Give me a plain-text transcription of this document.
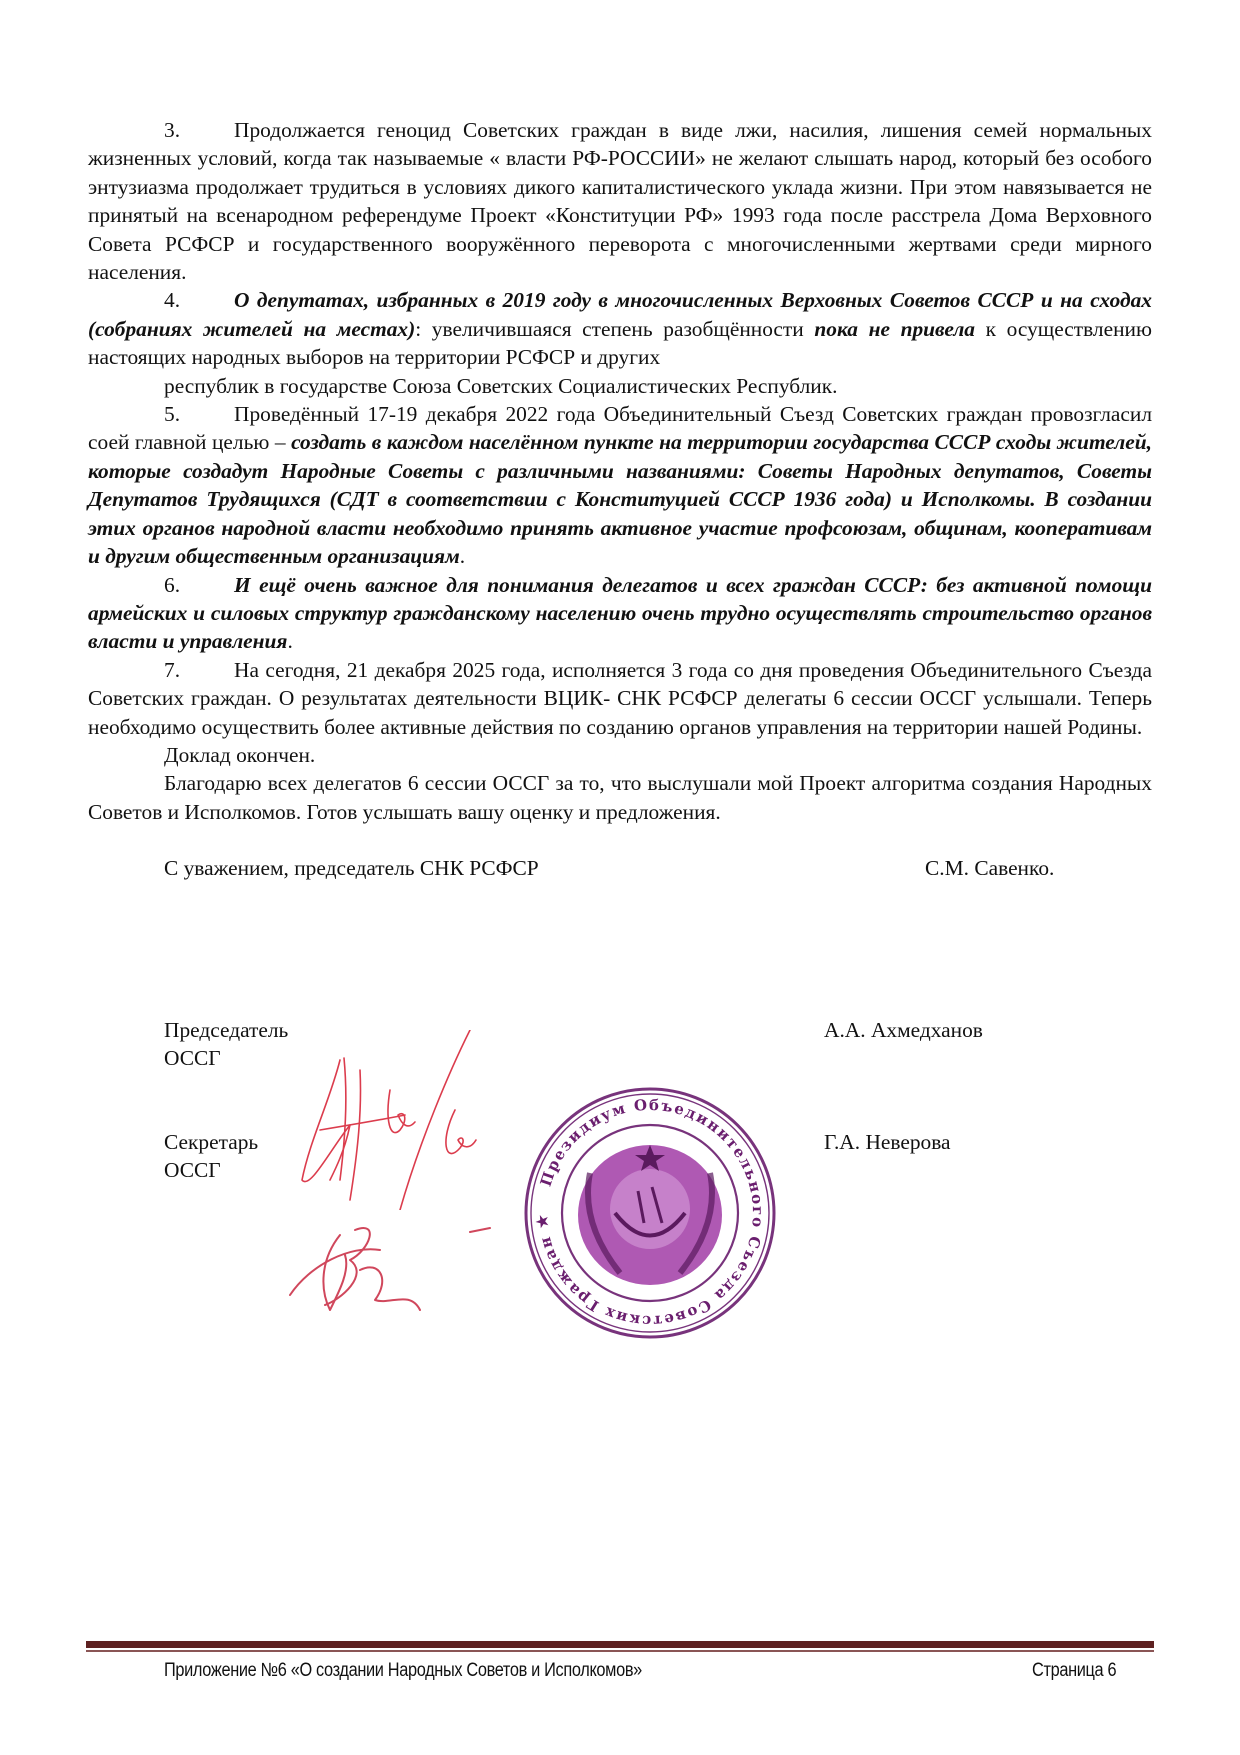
3.	Продолжается геноцид Советских граждан в виде лжи, насилия, лишения семей нормальных жизненных условий, когда так называемые « власти РФ-РОССИИ» не желают слышать народ, который без особого энтузиазма продолжает трудиться в условиях дикого капиталистического уклада жизни. При этом навязывается не принятый на всенародном референдуме Проект «Конституции РФ» 1993 года после расстрела Дома Верховного Совета РСФСР и государственного вооружённого переворота с многочисленными жертвами среди мирного населения.

4.	О депутатах, избранных в 2019 году в многочисленных Верховных Советов СССР и на сходах (собраниях жителей на местах): увеличившаяся степень разобщённости пока не привела к осуществлению настоящих народных выборов на территории РСФСР и других

республик в государстве Союза Советских Социалистических Республик.

5.	Проведённый 17-19 декабря 2022 года Объединительный Съезд Советских граждан провозгласил соей главной целью – создать в каждом населённом пункте на территории государства СССР сходы жителей, которые создадут Народные Советы с различными названиями: Советы Народных депутатов, Советы Депутатов Трудящихся (СДТ в соответствии с Конституцией СССР 1936 года) и Исполкомы. В создании этих органов народной власти необходимо принять активное участие профсоюзам, общинам, кооперативам и другим общественным организациям.

6.	И ещё очень важное для понимания делегатов и всех граждан СССР: без активной помощи армейских и силовых структур гражданскому населению очень трудно осуществлять строительство органов власти и управления.

7.	На сегодня, 21 декабря 2025 года, исполняется 3 года со дня проведения Объединительного Съезда Советских граждан. О результатах деятельности ВЦИК- СНК РСФСР делегаты 6 сессии ОССГ услышали. Теперь необходимо осуществить более активные действия по созданию органов управления на территории нашей Родины.

Доклад окончен.

Благодарю всех делегатов 6 сессии ОССГ за то, что выслушали мой Проект алгоритма создания Народных Советов и Исполкомов. Готов услышать вашу оценку и предложения.

С уважением, председатель СНК РСФСР	С.М. Савенко.
Председатель
ОССГ
А.А. Ахмедханов
Секретарь
ОССГ
Г.А. Неверова
Президиум Объединительного Съезда Советских Граждан ★
Приложение №6 «О создании Народных Советов и Исполкомов»	Страница 6
